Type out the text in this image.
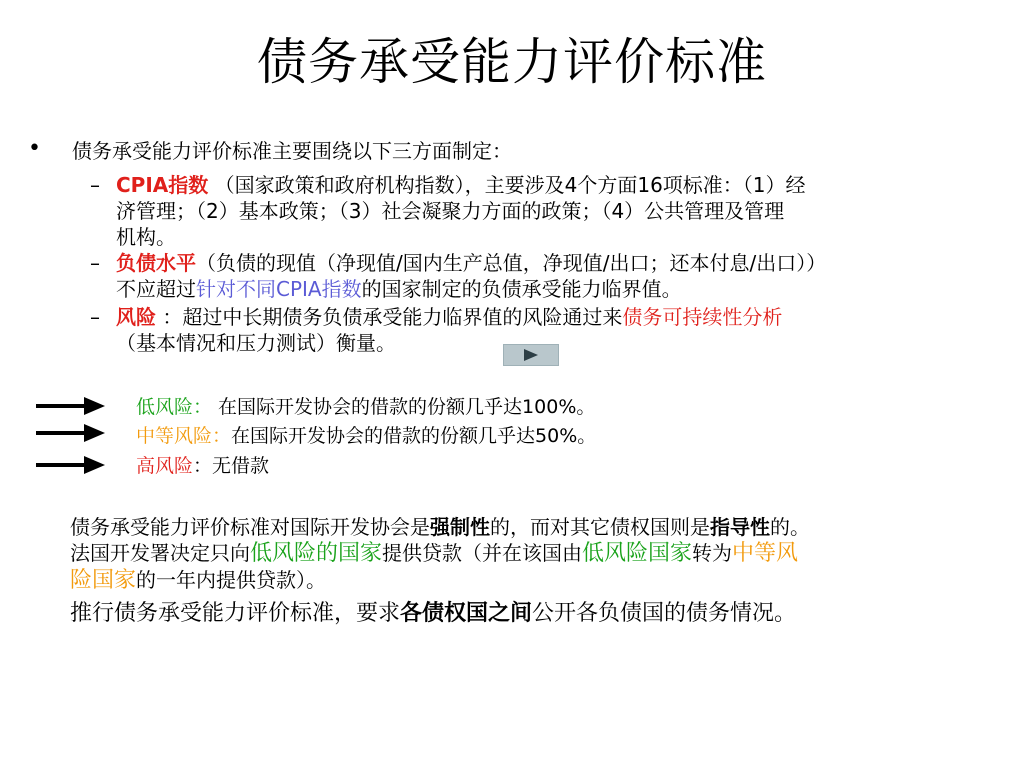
债务承受能力评价标准
• 债务承受能力评价标准主要围绕以下三方面制定：
– CPIA指数 （国家政策和政府机构指数），主要涉及4个方面16项标准：（1）经
济管理；（2）基本政策；（3）社会凝聚力方面的政策；（4）公共管理及管理
机构。
– 负债水平（负债的现值（净现值/国内生产总值，净现值/出口；还本付息/出口））
不应超过针对不同CPIA指数的国家制定的负债承受能力临界值。
– 风险 ：超过中长期债务负债承受能力临界值的风险通过来债务可持续性分析
（基本情况和压力测试）衡量。
低风险： 在国际开发协会的借款的份额几乎达100%。
中等风险：在国际开发协会的借款的份额几乎达50%。
高风险：无借款
债务承受能力评价标准对国际开发协会是强制性的，而对其它债权国则是指导性的。
法国开发署决定只向低风险的国家提供贷款（并在该国由低风险国家转为中等风
险国家的一年内提供贷款）。
推行债务承受能力评价标准，要求各债权国之间公开各负债国的债务情况。
